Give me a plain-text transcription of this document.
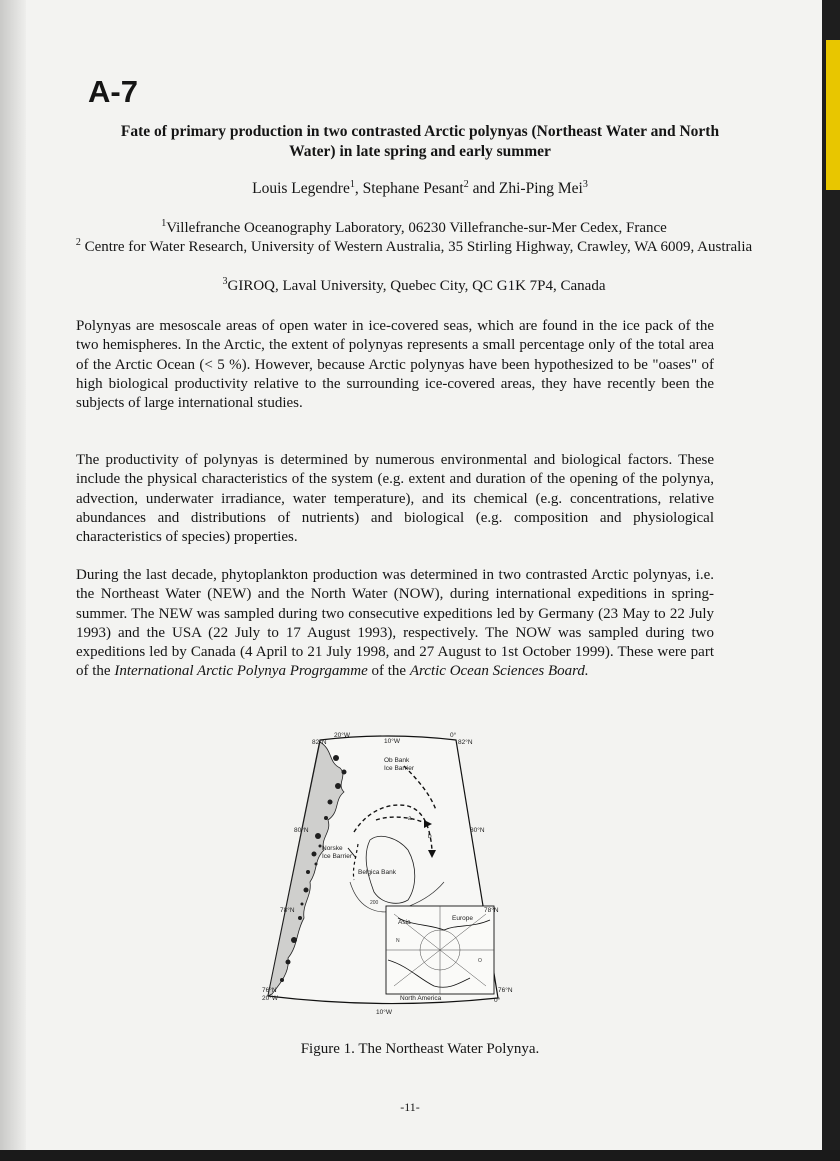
A-7
Fate of primary production in two contrasted Arctic polynyas (Northeast Water and North Water) in late spring and early summer
Louis Legendre$^1$, Stephane Pesant$^2$ and Zhi-Ping Mei$^3$
$^1$Villefranche Oceanography Laboratory, 06230 Villefranche-sur-Mer Cedex, France
$^2$ Centre for Water Research, University of Western Australia, 35 Stirling Highway, Crawley, WA 6009, Australia
$^3$GIROQ, Laval University, Quebec City, QC G1K 7P4, Canada
Polynyas are mesoscale areas of open water in ice-covered seas, which are found in the ice pack of the two hemispheres. In the Arctic, the extent of polynyas represents a small percentage only of the total area of the Arctic Ocean (< 5 %). However, because Arctic polynyas have been hypothesized to be "oases" of high biological productivity relative to the surrounding ice-covered areas, they have recently been the subjects of large international studies.
The productivity of polynyas is determined by numerous environmental and biological factors. These include the physical characteristics of the system (e.g. extent and duration of the opening of the polynya, advection, underwater irradiance, water temperature), and its chemical (e.g. concentrations, relative abundances and distributions of nutrients) and biological (e.g. composition and physiological characteristics of species) properties.
During the last decade, phytoplankton production was determined in two contrasted Arctic polynyas, i.e. the Northeast Water (NEW) and the North Water (NOW), during international expeditions in spring-summer. The NEW was sampled during two consecutive expeditions led by Germany (23 May to 22 July 1993) and the USA (22 July to 17 August 1993), respectively. The NOW was sampled during two expeditions led by Canada (4 April to 21 July 1998, and 27 August to 1st October 1999). These were part of the International Arctic Polynya Progrgamme of the Arctic Ocean Sciences Board.
20°W
10°W
0°
82°N
80°N
78°N
76°N
82°N
80°N
78°N
76°N
20°W
10°W
0°
Ob Bank
Ice Barrier
Norske
Ice Barrier
Belgica Bank
200
a
b
Asia
Europe
North America
N
O
Figure 1. The Northeast Water Polynya.
-11-
